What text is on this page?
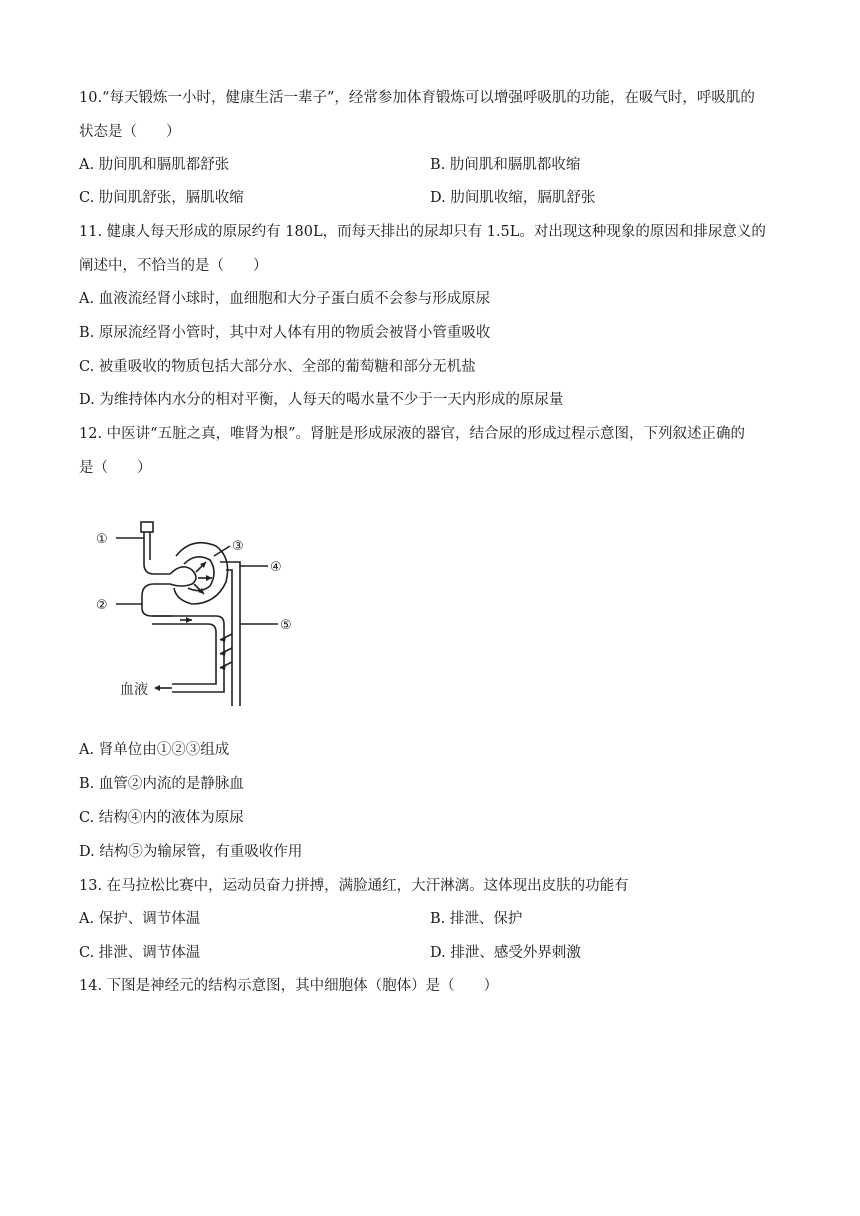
10.“每天锻炼一小时，健康生活一辈子”，经常参加体育锻炼可以增强呼吸肌的功能，在吸气时，呼吸肌的
状态是（　　）
A. 肋间肌和膈肌都舒张	B. 肋间肌和膈肌都收缩
C. 肋间肌舒张，膈肌收缩	D. 肋间肌收缩，膈肌舒张
11. 健康人每天形成的原尿约有 180L，而每天排出的尿却只有 1.5L。对出现这种现象的原因和排尿意义的
阐述中，不恰当的是（　　）
A. 血液流经肾小球时，血细胞和大分子蛋白质不会参与形成原尿
B. 原尿流经肾小管时，其中对人体有用的物质会被肾小管重吸收
C. 被重吸收的物质包括大部分水、全部的葡萄糖和部分无机盐
D. 为维持体内水分的相对平衡，人每天的喝水量不少于一天内形成的原尿量
12. 中医讲“五脏之真，唯肾为根”。肾脏是形成尿液的器官，结合尿的形成过程示意图，下列叙述正确的
是（　　）
①
②
③
④
⑤
血液
A. 肾单位由①②③组成
B. 血管②内流的是静脉血
C. 结构④内的液体为原尿
D. 结构⑤为输尿管，有重吸收作用
13. 在马拉松比赛中，运动员奋力拼搏，满脸通红，大汗淋漓。这体现出皮肤的功能有
A. 保护、调节体温	B. 排泄、保护
C. 排泄、调节体温	D. 排泄、感受外界刺激
14. 下图是神经元的结构示意图，其中细胞体（胞体）是（　　）
